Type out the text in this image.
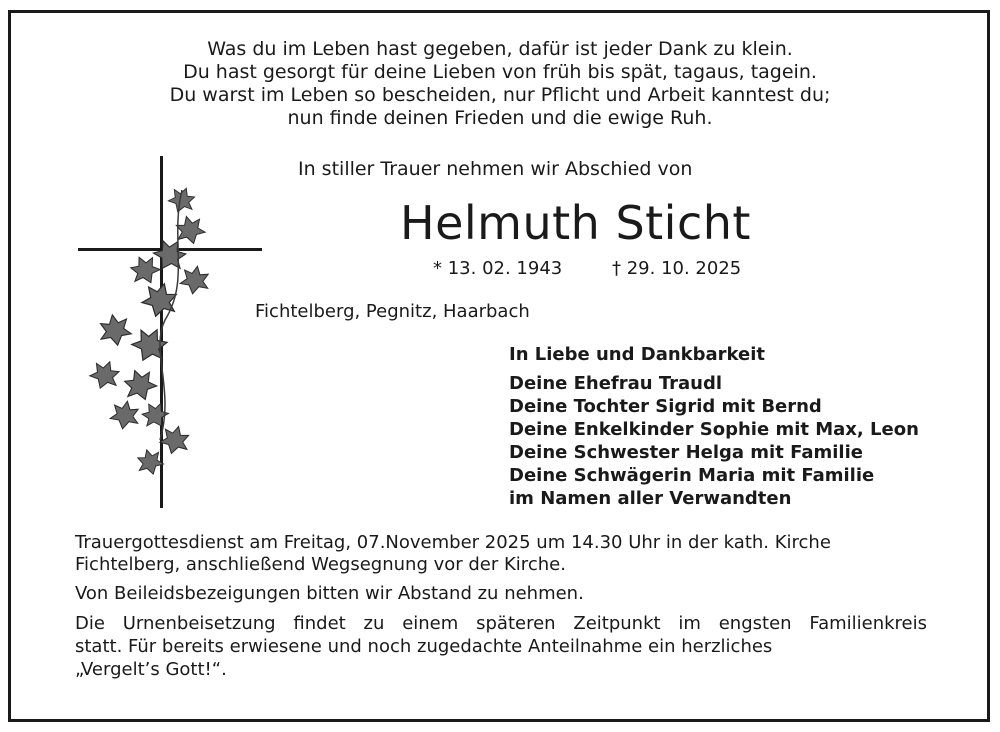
Was du im Leben hast gegeben, dafür ist jeder Dank zu klein.
Du hast gesorgt für deine Lieben von früh bis spät, tagaus, tagein.
Du warst im Leben so bescheiden, nur Pflicht und Arbeit kanntest du;
nun finde deinen Frieden und die ewige Ruh.
In stiller Trauer nehmen wir Abschied von
Helmuth Sticht
* 13. 02. 1943	† 29. 10. 2025
Fichtelberg, Pegnitz, Haarbach
In Liebe und Dankbarkeit
Deine Ehefrau Traudl
Deine Tochter Sigrid mit Bernd
Deine Enkelkinder Sophie mit Max, Leon
Deine Schwester Helga mit Familie
Deine Schwägerin Maria mit Familie
im Namen aller Verwandten
Trauergottesdienst am Freitag, 07.November 2025 um 14.30 Uhr in der kath. Kirche
Fichtelberg, anschließend Wegsegnung vor der Kirche.
Von Beileidsbezeigungen bitten wir Abstand zu nehmen.
Die Urnenbeisetzung findet zu einem späteren Zeitpunkt im engsten Familienkreis
statt. Für bereits erwiesene und noch zugedachte Anteilnahme ein herzliches
„Vergelt’s Gott!“.
